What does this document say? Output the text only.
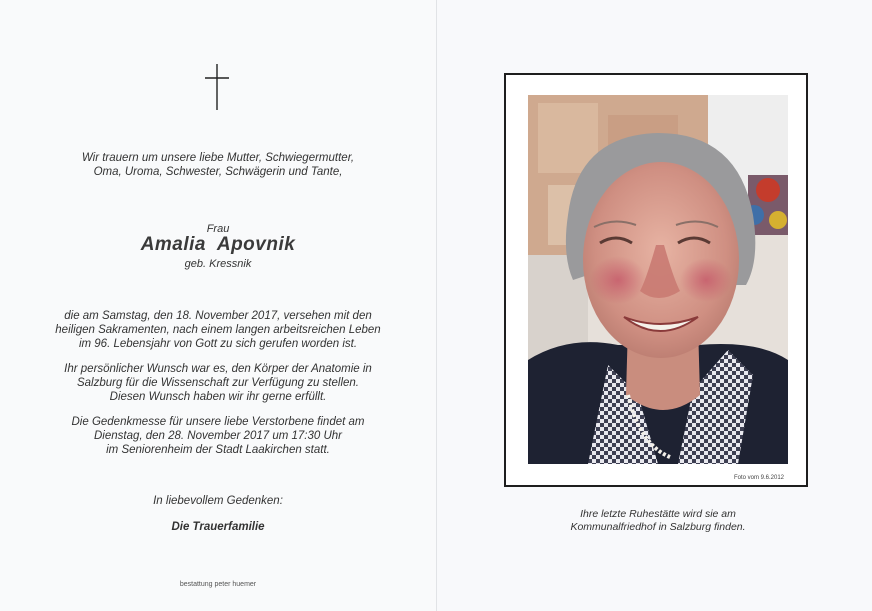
Wir trauern um unsere liebe Mutter, Schwiegermutter,
Oma, Uroma, Schwester, Schwägerin und Tante,
Frau
Amalia  Apovnik
geb. Kressnik
die am Samstag, den 18. November 2017, versehen mit den
heiligen Sakramenten, nach einem langen arbeitsreichen Leben
im 96. Lebensjahr von Gott zu sich gerufen worden ist.
Ihr persönlicher Wunsch war es, den Körper der Anatomie in
Salzburg für die Wissenschaft zur Verfügung zu stellen.
Diesen Wunsch haben wir ihr gerne erfüllt.
Die Gedenkmesse für unsere liebe Verstorbene findet am
Dienstag, den 28. November 2017 um 17:30 Uhr
im Seniorenheim der Stadt Laakirchen statt.
In liebevollem Gedenken:
Die Trauerfamilie
bestattung peter huemer
Foto vom 9.6.2012
Ihre letzte Ruhestätte wird sie am
Kommunalfriedhof in Salzburg finden.
